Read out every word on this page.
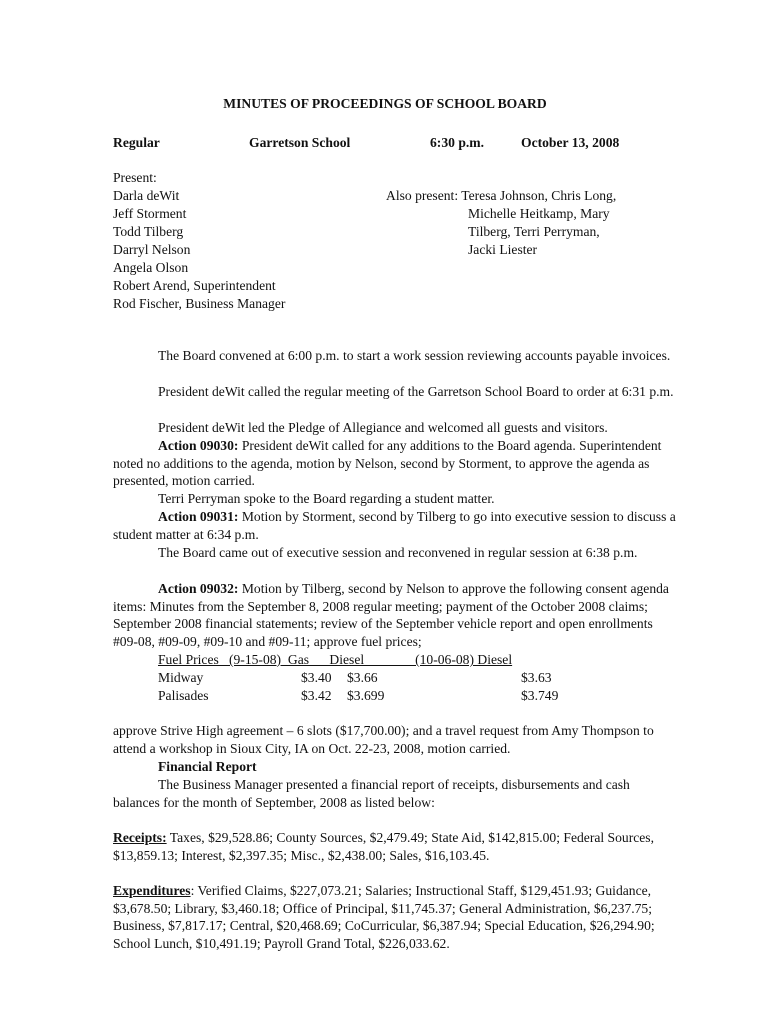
MINUTES OF PROCEEDINGS OF SCHOOL BOARD
Regular	Garretson School	6:30 p.m.	October 13, 2008
Present:
Darla deWit
Jeff Storment
Todd Tilberg
Darryl Nelson
Angela Olson
Robert Arend, Superintendent
Rod Fischer, Business Manager
Also present: Teresa Johnson, Chris Long,
Michelle Heitkamp, Mary
Tilberg, Terri Perryman,
Jacki Liester
The Board convened at 6:00 p.m. to start a work session reviewing accounts payable invoices.
President deWit called the regular meeting of the Garretson School Board to order at 6:31 p.m.
President deWit led the Pledge of Allegiance and welcomed all guests and visitors.
Action 09030: President deWit called for any additions to the Board agenda. Superintendent noted no additions to the agenda, motion by Nelson, second by Storment, to approve the agenda as presented, motion carried.
Terri Perryman spoke to the Board regarding a student matter.
Action 09031: Motion by Storment, second by Tilberg to go into executive session to discuss a student matter at 6:34 p.m.
The Board came out of executive session and reconvened in regular session at 6:38 p.m.
Action 09032: Motion by Tilberg, second by Nelson to approve the following consent agenda items: Minutes from the September 8, 2008 regular meeting; payment of the October 2008 claims; September 2008 financial statements; review of the September vehicle report and open enrollments #09-08, #09-09, #09-10 and #09-11; approve fuel prices;
Fuel Prices   (9-15-08)  Gas      Diesel               (10-06-08) Diesel
Midway	$3.40 $3.66	$3.63
Palisades	$3.42 $3.699	$3.749
approve Strive High agreement – 6 slots ($17,700.00); and a travel request from Amy Thompson to attend a workshop in Sioux City, IA on Oct. 22-23, 2008, motion carried.
Financial Report
The Business Manager presented a financial report of receipts, disbursements and cash balances for the month of September, 2008 as listed below:
Receipts: Taxes, $29,528.86; County Sources, $2,479.49; State Aid, $142,815.00; Federal Sources, $13,859.13; Interest, $2,397.35; Misc., $2,438.00; Sales, $16,103.45.
Expenditures: Verified Claims, $227,073.21; Salaries; Instructional Staff, $129,451.93; Guidance, $3,678.50; Library, $3,460.18; Office of Principal, $11,745.37; General Administration, $6,237.75; Business, $7,817.17; Central, $20,468.69; CoCurricular, $6,387.94; Special Education, $26,294.90; School Lunch, $10,491.19; Payroll Grand Total, $226,033.62.
